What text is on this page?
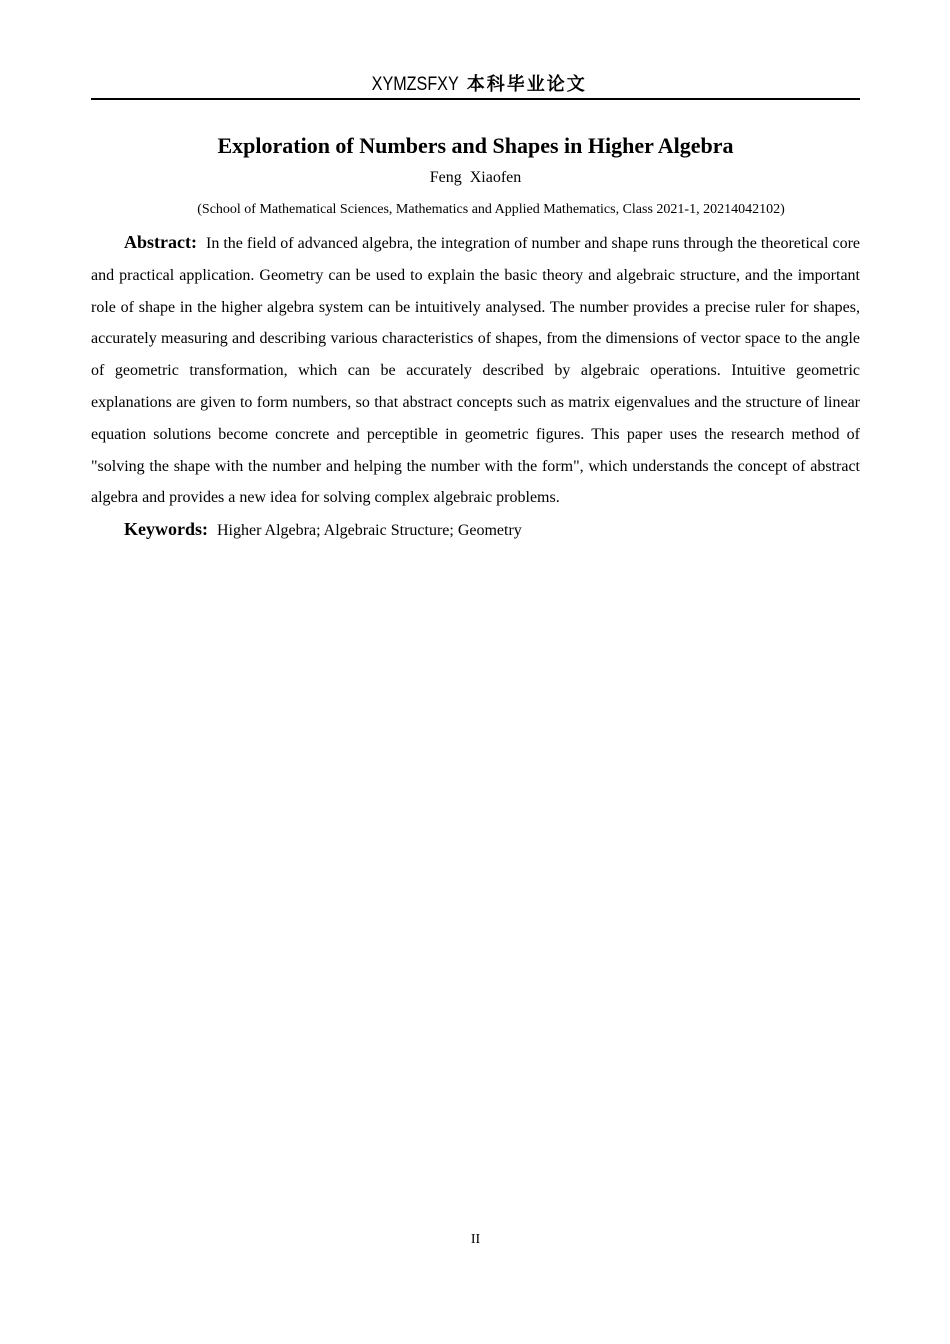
XYMZSFXY 本科毕业论文
Exploration of Numbers and Shapes in Higher Algebra
Feng Xiaofen
(School of Mathematical Sciences, Mathematics and Applied Mathematics, Class 2021-1, 20214042102)

Abstract: In the field of advanced algebra, the integration of number and shape runs through the theoretical core and practical application. Geometry can be used to explain the basic theory and algebraic structure, and the important role of shape in the higher algebra system can be intuitively analysed. The number provides a precise ruler for shapes, accurately measuring and describing various characteristics of shapes, from the dimensions of vector space to the angle of geometric transformation, which can be accurately described by algebraic operations. Intuitive geometric explanations are given to form numbers, so that abstract concepts such as matrix eigenvalues and the structure of linear equation solutions become concrete and perceptible in geometric figures. This paper uses the research method of "solving the shape with the number and helping the number with the form", which understands the concept of abstract algebra and provides a new idea for solving complex algebraic problems.

Keywords: Higher Algebra; Algebraic Structure; Geometry

II
